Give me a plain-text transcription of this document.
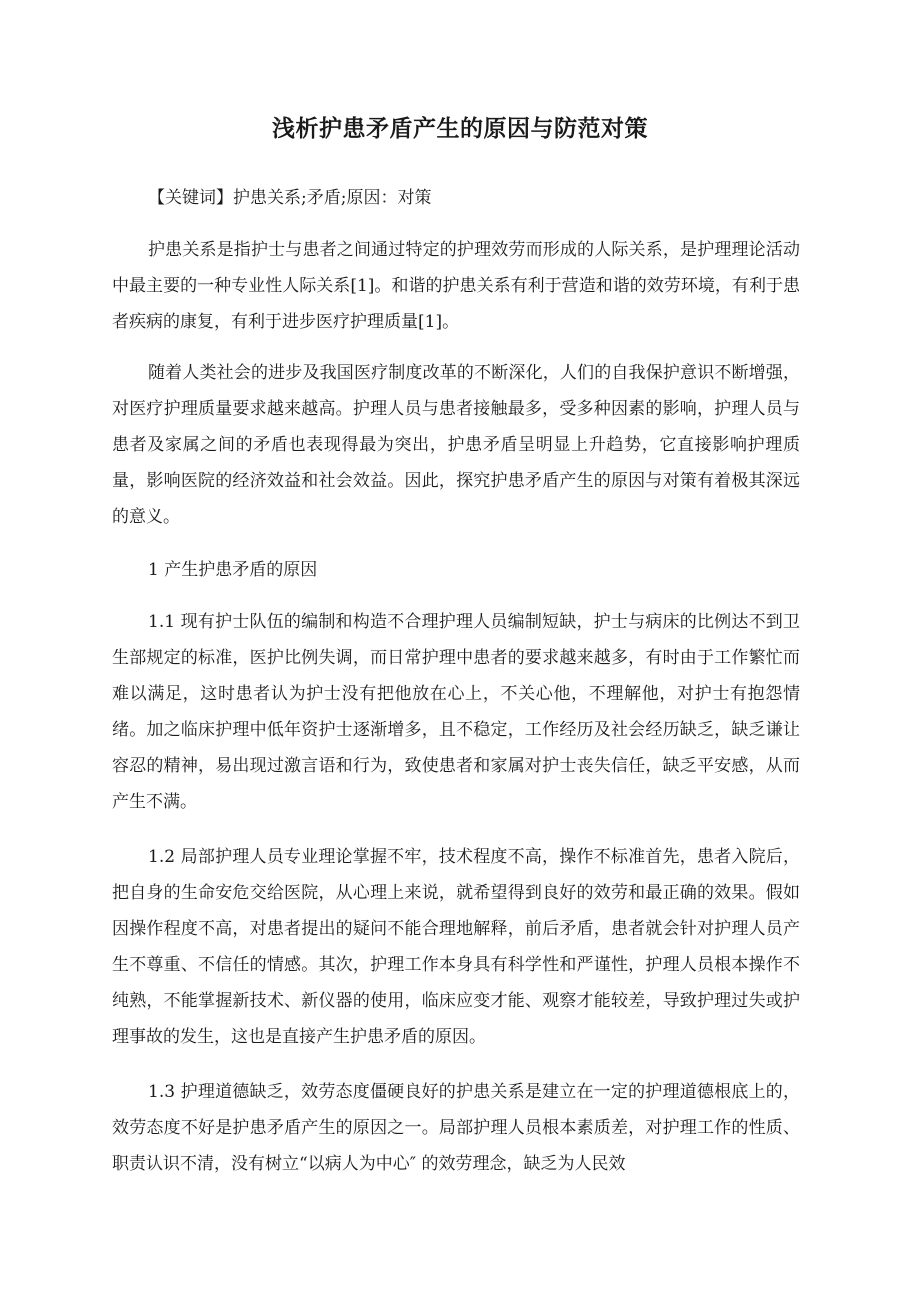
浅析护患矛盾产生的原因与防范对策

【关键词】护患关系;矛盾;原因：对策

护患关系是指护士与患者之间通过特定的护理效劳而形成的人际关系，是护理理论活动中最主要的一种专业性人际关系[1]。和谐的护患关系有利于营造和谐的效劳环境，有利于患者疾病的康复，有利于进步医疗护理质量[1]。

随着人类社会的进步及我国医疗制度改革的不断深化，人们的自我保护意识不断增强，对医疗护理质量要求越来越高。护理人员与患者接触最多，受多种因素的影响，护理人员与患者及家属之间的矛盾也表现得最为突出，护患矛盾呈明显上升趋势，它直接影响护理质量，影响医院的经济效益和社会效益。因此，探究护患矛盾产生的原因与对策有着极其深远的意义。

1 产生护患矛盾的原因

1.1 现有护士队伍的编制和构造不合理护理人员编制短缺，护士与病床的比例达不到卫生部规定的标准，医护比例失调，而日常护理中患者的要求越来越多，有时由于工作繁忙而难以满足，这时患者认为护士没有把他放在心上，不关心他，不理解他，对护士有抱怨情绪。加之临床护理中低年资护士逐渐增多，且不稳定，工作经历及社会经历缺乏，缺乏谦让容忍的精神，易出现过激言语和行为，致使患者和家属对护士丧失信任，缺乏平安感，从而产生不满。

1.2 局部护理人员专业理论掌握不牢，技术程度不高，操作不标准首先，患者入院后，把自身的生命安危交给医院，从心理上来说，就希望得到良好的效劳和最正确的效果。假如因操作程度不高，对患者提出的疑问不能合理地解释，前后矛盾，患者就会针对护理人员产生不尊重、不信任的情感。其次，护理工作本身具有科学性和严谨性，护理人员根本操作不纯熟，不能掌握新技术、新仪器的使用，临床应变才能、观察才能较差，导致护理过失或护理事故的发生，这也是直接产生护患矛盾的原因。

1.3 护理道德缺乏，效劳态度僵硬良好的护患关系是建立在一定的护理道德根底上的，效劳态度不好是护患矛盾产生的原因之一。局部护理人员根本素质差，对护理工作的性质、职责认识不清，没有树立“以病人为中心″ 的效劳理念，缺乏为人民效
